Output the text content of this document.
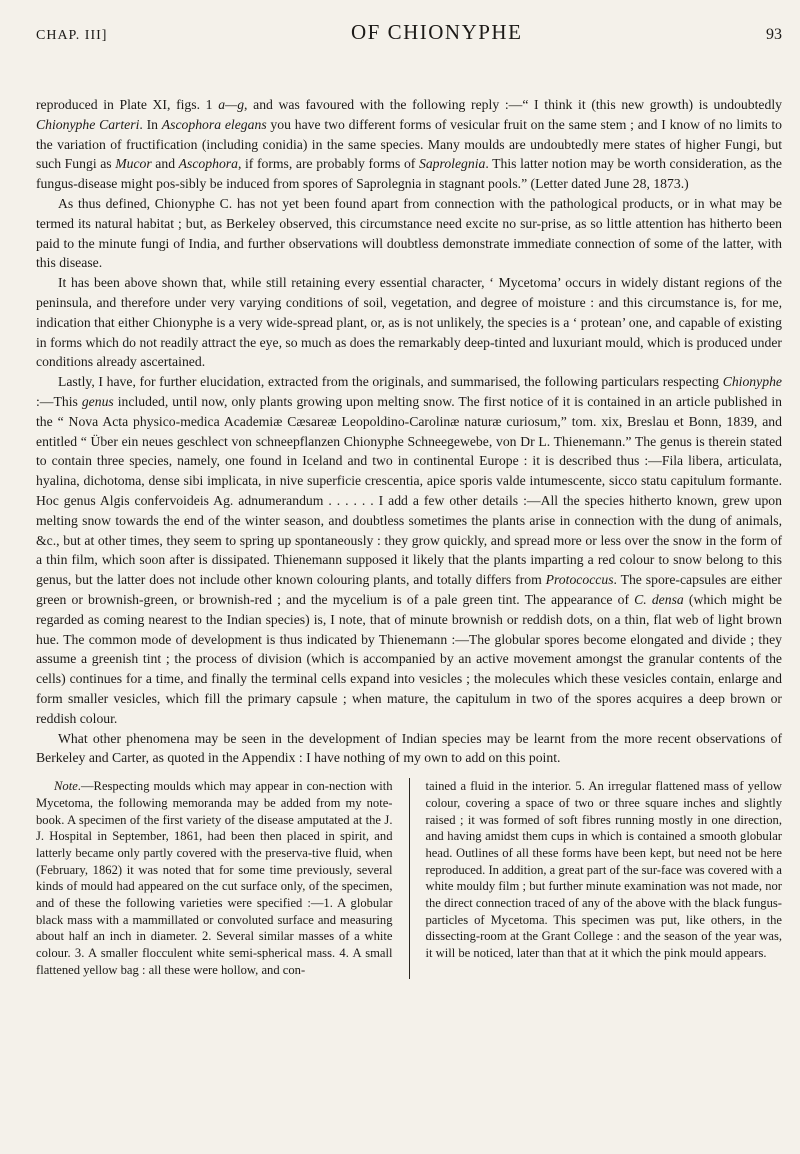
CHAP. III]	OF CHIONYPHE	93

reproduced in Plate XI, figs. 1 a—g, and was favoured with the following reply :—“ I think it (this new growth) is undoubtedly Chionyphe Carteri. In Ascophora elegans you have two different forms of vesicular fruit on the same stem ; and I know of no limits to the variation of fructification (including conidia) in the same species. Many moulds are undoubtedly mere states of higher Fungi, but such Fungi as Mucor and Ascophora, if forms, are probably forms of Saprolegnia. This latter notion may be worth consideration, as the fungus-disease might pos-sibly be induced from spores of Saprolegnia in stagnant pools.” (Letter dated June 28, 1873.)

As thus defined, Chionyphe C. has not yet been found apart from connection with the pathological products, or in what may be termed its natural habitat ; but, as Berkeley observed, this circumstance need excite no sur-prise, as so little attention has hitherto been paid to the minute fungi of India, and further observations will doubtless demonstrate immediate connection of some of the latter, with this disease.

It has been above shown that, while still retaining every essential character, ‘ Mycetoma’ occurs in widely distant regions of the peninsula, and therefore under very varying conditions of soil, vegetation, and degree of moisture : and this circumstance is, for me, indication that either Chionyphe is a very wide-spread plant, or, as is not unlikely, the species is a ‘ protean’ one, and capable of existing in forms which do not readily attract the eye, so much as does the remarkably deep-tinted and luxuriant mould, which is produced under conditions already ascertained.

Lastly, I have, for further elucidation, extracted from the originals, and summarised, the following particulars respecting Chionyphe :—This genus included, until now, only plants growing upon melting snow. The first notice of it is contained in an article published in the “ Nova Acta physico-medica Academiæ Cæsareæ Leopoldino-Carolinæ naturæ curiosum,” tom. xix, Breslau et Bonn, 1839, and entitled “ Über ein neues geschlect von schneepflanzen Chionyphe Schneegewebe, von Dr L. Thienemann.” The genus is therein stated to contain three species, namely, one found in Iceland and two in continental Europe : it is described thus :—Fila libera, articulata, hyalina, dichotoma, dense sibi implicata, in nive superficie crescentia, apice sporis valde intumescente, sicco statu capitulum formante. Hoc genus Algis confervoideis Ag. adnumerandum . . . . . . I add a few other details :—All the species hitherto known, grew upon melting snow towards the end of the winter season, and doubtless sometimes the plants arise in connection with the dung of animals, &c., but at other times, they seem to spring up spontaneously : they grow quickly, and spread more or less over the snow in the form of a thin film, which soon after is dissipated. Thienemann supposed it likely that the plants imparting a red colour to snow belong to this genus, but the latter does not include other known colouring plants, and totally differs from Protococcus. The spore-capsules are either green or brownish-green, or brownish-red ; and the mycelium is of a pale green tint. The appearance of C. densa (which might be regarded as coming nearest to the Indian species) is, I note, that of minute brownish or reddish dots, on a thin, flat web of light brown hue. The common mode of development is thus indicated by Thienemann :—The globular spores become elongated and divide ; they assume a greenish tint ; the process of division (which is accompanied by an active movement amongst the granular contents of the cells) continues for a time, and finally the terminal cells expand into vesicles ; the molecules which these vesicles contain, enlarge and form smaller vesicles, which fill the primary capsule ; when mature, the capitulum in two of the spores acquires a deep brown or reddish colour.

What other phenomena may be seen in the development of Indian species may be learnt from the more recent observations of Berkeley and Carter, as quoted in the Appendix : I have nothing of my own to add on this point.

Note.—Respecting moulds which may appear in con-nection with Mycetoma, the following memoranda may be added from my note-book. A specimen of the first variety of the disease amputated at the J. J. Hospital in September, 1861, had been then placed in spirit, and latterly became only partly covered with the preserva-tive fluid, when (February, 1862) it was noted that for some time previously, several kinds of mould had appeared on the cut surface only, of the specimen, and of these the following varieties were specified :—1. A globular black mass with a mammillated or convoluted surface and measuring about half an inch in diameter. 2. Several similar masses of a white colour. 3. A smaller flocculent white semi-spherical mass. 4. A small flattened yellow bag : all these were hollow, and con-

tained a fluid in the interior. 5. An irregular flattened mass of yellow colour, covering a space of two or three square inches and slightly raised ; it was formed of soft fibres running mostly in one direction, and having amidst them cups in which is contained a smooth globular head. Outlines of all these forms have been kept, but need not be here reproduced. In addition, a great part of the sur-face was covered with a white mouldy film ; but further minute examination was not made, nor the direct connection traced of any of the above with the black fungus-particles of Mycetoma. This specimen was put, like others, in the dissecting-room at the Grant College : and the season of the year was, it will be noticed, later than that at it which the pink mould appears.
